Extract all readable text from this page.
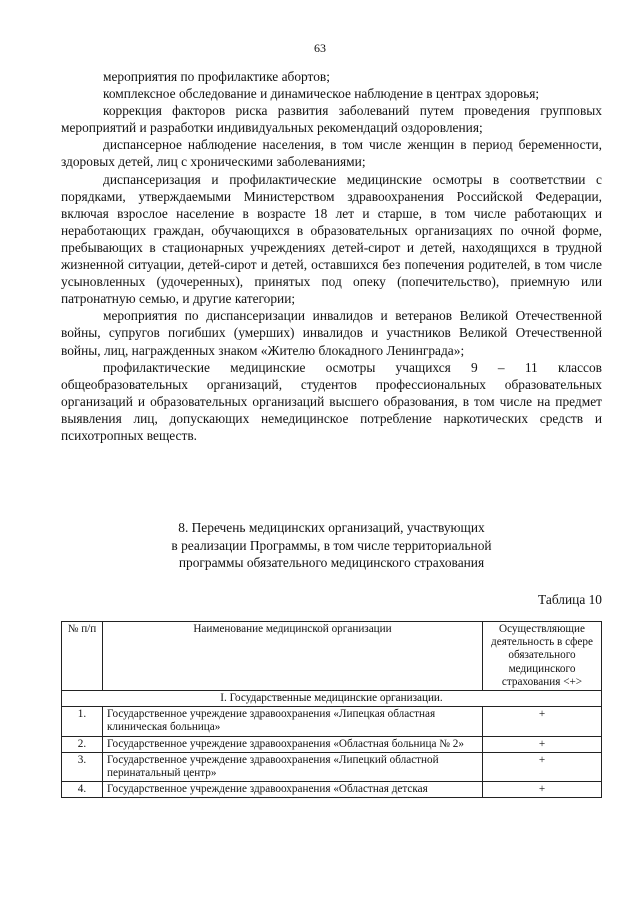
63

мероприятия по профилактике абортов;

комплексное обследование и динамическое наблюдение в центрах здоровья;

коррекция факторов риска развития заболеваний путем проведения групповых мероприятий и разработки индивидуальных рекомендаций оздоровления;

диспансерное наблюдение населения, в том числе женщин в период беременности, здоровых детей, лиц с хроническими заболеваниями;

диспансеризация и профилактические медицинские осмотры в соответствии с порядками, утверждаемыми Министерством здравоохранения Российской Федерации, включая взрослое население в возрасте 18 лет и старше, в том числе работающих и неработающих граждан, обучающихся в образовательных организациях по очной форме, пребывающих в стационарных учреждениях детей-сирот и детей, находящихся в трудной жизненной ситуации, детей-сирот и детей, оставшихся без попечения родителей, в том числе усыновленных (удочеренных), принятых под опеку (попечительство), приемную или патронатную семью, и другие категории;

мероприятия по диспансеризации инвалидов и ветеранов Великой Отечественной войны, супругов погибших (умерших) инвалидов и участников Великой Отечественной войны, лиц, награжденных знаком «Жителю блокадного Ленинграда»;

профилактические медицинские осмотры учащихся 9 – 11 классов общеобразовательных организаций, студентов профессиональных образовательных организаций и образовательных организаций высшего образования, в том числе на предмет выявления лиц, допускающих немедицинское потребление наркотических средств и психотропных веществ.

8. Перечень медицинских организаций, участвующих
в реализации Программы, в том числе территориальной
программы обязательного медицинского страхования
Таблица 10
№ п/п	Наименование медицинской организации	Осуществляющие деятельность в сфере обязательного медицинского страхования <+>
I. Государственные медицинские организации.		
1.	Государственное учреждение здравоохранения «Липецкая областная клиническая больница»	+
2.	Государственное учреждение здравоохранения «Областная больница № 2»	+
3.	Государственное учреждение здравоохранения «Липецкий областной перинатальный центр»	+
4.	Государственное учреждение здравоохранения «Областная детская	+
